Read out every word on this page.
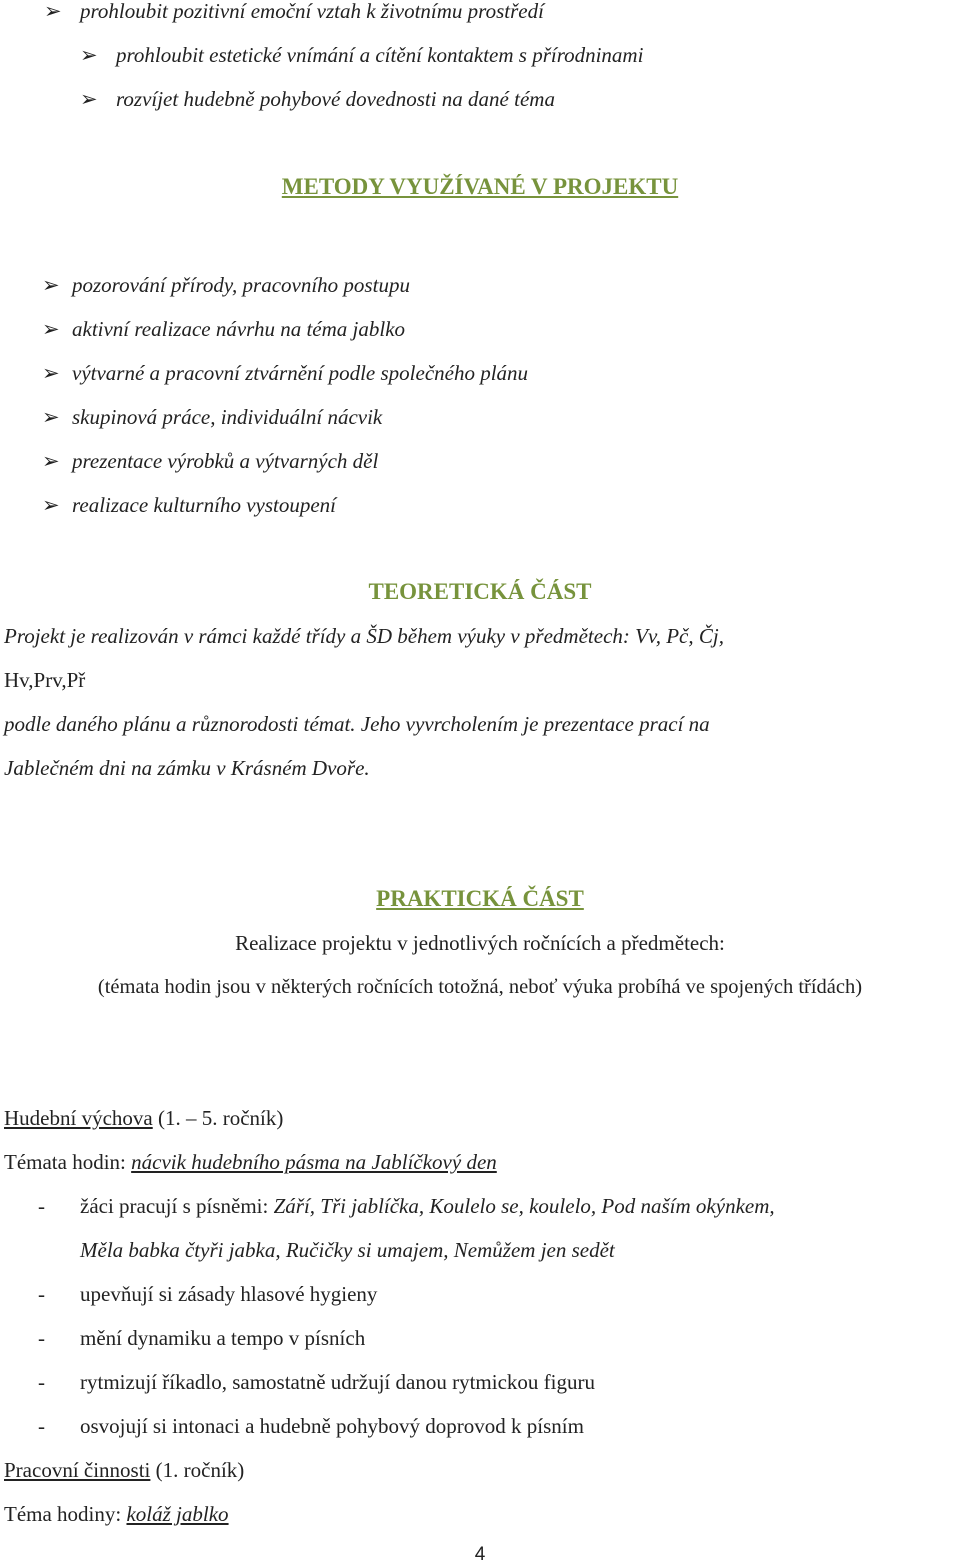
➢ prohloubit pozitivní emoční vztah k životnímu prostředí
➢ prohloubit estetické vnímání a cítění kontaktem s přírodninami
➢ rozvíjet hudebně pohybové dovednosti na dané téma
METODY VYUŽÍVANÉ V PROJEKTU
➢ pozorování přírody, pracovního postupu
➢ aktivní realizace návrhu na téma jablko
➢ výtvarné a pracovní ztvárnění podle společného plánu
➢ skupinová práce, individuální nácvik
➢ prezentace výrobků a výtvarných děl
➢ realizace kulturního vystoupení
TEORETICKÁ ČÁST
Projekt je realizován v rámci každé třídy a ŠD během výuky v předmětech: Vv, Pč, Čj,
Hv,Prv,Př
podle daného plánu a různorodosti témat. Jeho vyvrcholením je prezentace prací na
Jablečném dni na zámku v Krásném Dvoře.
PRAKTICKÁ ČÁST
Realizace projektu v jednotlivých ročnících a předmětech:
(témata hodin jsou v některých ročnících totožná, neboť výuka probíhá ve spojených třídách)
Hudební výchova (1. – 5. ročník)
Témata hodin: nácvik hudebního pásma na Jablíčkový den
- žáci pracují s písněmi: Září, Tři jablíčka, Koulelo se, koulelo, Pod naším okýnkem,
Měla babka čtyři jabka, Ručičky si umajem, Nemůžem jen sedět
- upevňují si zásady hlasové hygieny
- mění dynamiku a tempo v písních
- rytmizují říkadlo, samostatně udržují danou rytmickou figuru
- osvojují si intonaci a hudebně pohybový doprovod k písním
Pracovní činnosti (1. ročník)
Téma hodiny: koláž jablko
4
